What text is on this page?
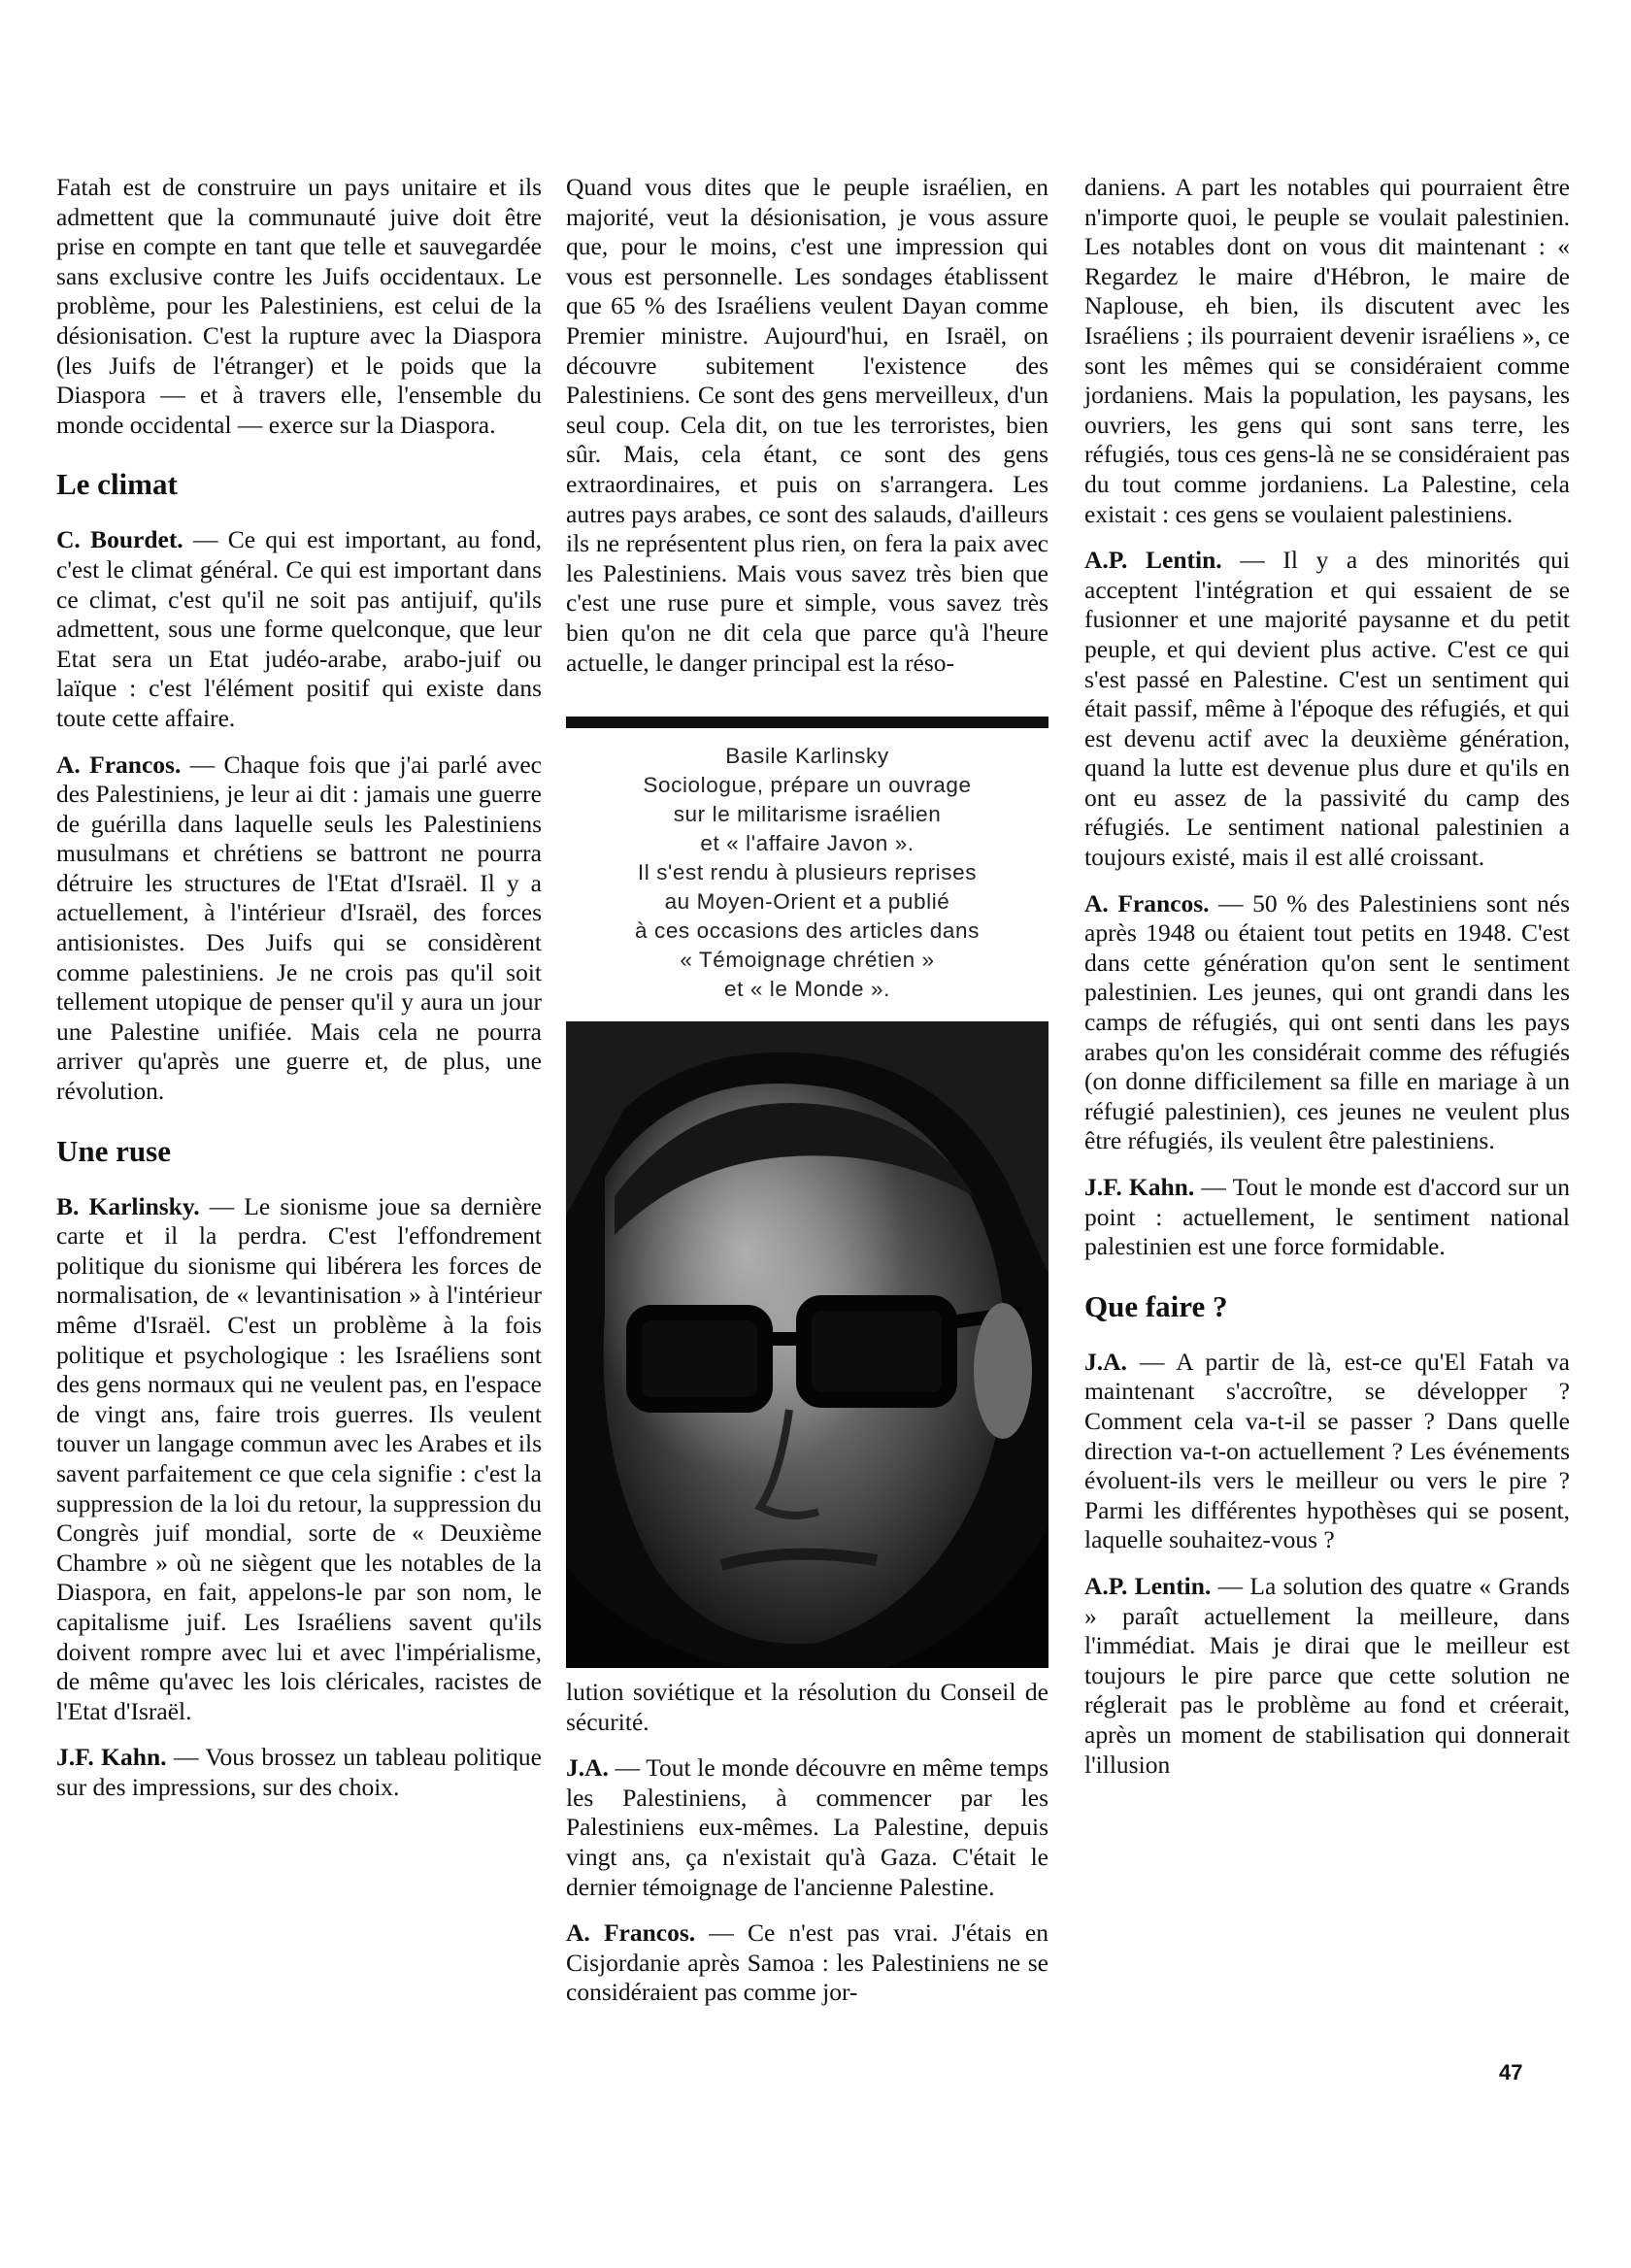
Fatah est de construire un pays unitaire et ils admettent que la communauté juive doit être prise en compte en tant que telle et sauvegardée sans exclusive contre les Juifs occidentaux. Le problème, pour les Palestiniens, est celui de la désionisation. C'est la rupture avec la Diaspora (les Juifs de l'étranger) et le poids que la Diaspora — et à travers elle, l'ensemble du monde occidental — exerce sur la Diaspora.

Le climat

C. Bourdet. — Ce qui est important, au fond, c'est le climat général. Ce qui est important dans ce climat, c'est qu'il ne soit pas antijuif, qu'ils admettent, sous une forme quelconque, que leur Etat sera un Etat judéo-arabe, arabo-juif ou laïque : c'est l'élément positif qui existe dans toute cette affaire.

A. Francos. — Chaque fois que j'ai parlé avec des Palestiniens, je leur ai dit : jamais une guerre de guérilla dans laquelle seuls les Palestiniens musulmans et chrétiens se battront ne pourra détruire les structures de l'Etat d'Israël. Il y a actuellement, à l'intérieur d'Israël, des forces antisionistes. Des Juifs qui se considèrent comme palestiniens. Je ne crois pas qu'il soit tellement utopique de penser qu'il y aura un jour une Palestine unifiée. Mais cela ne pourra arriver qu'après une guerre et, de plus, une révolution.

Une ruse

B. Karlinsky. — Le sionisme joue sa dernière carte et il la perdra. C'est l'effondrement politique du sionisme qui libérera les forces de normalisation, de « levantinisation » à l'intérieur même d'Israël. C'est un problème à la fois politique et psychologique : les Israéliens sont des gens normaux qui ne veulent pas, en l'espace de vingt ans, faire trois guerres. Ils veulent touver un langage commun avec les Arabes et ils savent parfaitement ce que cela signifie : c'est la suppression de la loi du retour, la suppression du Congrès juif mondial, sorte de « Deuxième Chambre » où ne siègent que les notables de la Diaspora, en fait, appelons-le par son nom, le capitalisme juif. Les Israéliens savent qu'ils doivent rompre avec lui et avec l'impérialisme, de même qu'avec les lois cléricales, racistes de l'Etat d'Israël.

J.F. Kahn. — Vous brossez un tableau politique sur des impressions, sur des choix.

Quand vous dites que le peuple israélien, en majorité, veut la désionisation, je vous assure que, pour le moins, c'est une impression qui vous est personnelle. Les sondages établissent que 65 % des Israéliens veulent Dayan comme Premier ministre. Aujourd'hui, en Israël, on découvre subitement l'existence des Palestiniens. Ce sont des gens merveilleux, d'un seul coup. Cela dit, on tue les terroristes, bien sûr. Mais, cela étant, ce sont des gens extraordinaires, et puis on s'arrangera. Les autres pays arabes, ce sont des salauds, d'ailleurs ils ne représentent plus rien, on fera la paix avec les Palestiniens. Mais vous savez très bien que c'est une ruse pure et simple, vous savez très bien qu'on ne dit cela que parce qu'à l'heure actuelle, le danger principal est la réso-

Basile Karlinsky
Sociologue, prépare un ouvrage
sur le militarisme israélien
et « l'affaire Javon ».
Il s'est rendu à plusieurs reprises
au Moyen-Orient et a publié
à ces occasions des articles dans
« Témoignage chrétien »
et « le Monde ».

lution soviétique et la résolution du Conseil de sécurité.

J.A. — Tout le monde découvre en même temps les Palestiniens, à commencer par les Palestiniens eux-mêmes. La Palestine, depuis vingt ans, ça n'existait qu'à Gaza. C'était le dernier témoignage de l'ancienne Palestine.

A. Francos. — Ce n'est pas vrai. J'étais en Cisjordanie après Samoa : les Palestiniens ne se considéraient pas comme jor-

daniens. A part les notables qui pourraient être n'importe quoi, le peuple se voulait palestinien. Les notables dont on vous dit maintenant : « Regardez le maire d'Hébron, le maire de Naplouse, eh bien, ils discutent avec les Israéliens ; ils pourraient devenir israéliens », ce sont les mêmes qui se considéraient comme jordaniens. Mais la population, les paysans, les ouvriers, les gens qui sont sans terre, les réfugiés, tous ces gens-là ne se considéraient pas du tout comme jordaniens. La Palestine, cela existait : ces gens se voulaient palestiniens.

A.P. Lentin. — Il y a des minorités qui acceptent l'intégration et qui essaient de se fusionner et une majorité paysanne et du petit peuple, et qui devient plus active. C'est ce qui s'est passé en Palestine. C'est un sentiment qui était passif, même à l'époque des réfugiés, et qui est devenu actif avec la deuxième génération, quand la lutte est devenue plus dure et qu'ils en ont eu assez de la passivité du camp des réfugiés. Le sentiment national palestinien a toujours existé, mais il est allé croissant.

A. Francos. — 50 % des Palestiniens sont nés après 1948 ou étaient tout petits en 1948. C'est dans cette génération qu'on sent le sentiment palestinien. Les jeunes, qui ont grandi dans les camps de réfugiés, qui ont senti dans les pays arabes qu'on les considérait comme des réfugiés (on donne difficilement sa fille en mariage à un réfugié palestinien), ces jeunes ne veulent plus être réfugiés, ils veulent être palestiniens.

J.F. Kahn. — Tout le monde est d'accord sur un point : actuellement, le sentiment national palestinien est une force formidable.

Que faire ?

J.A. — A partir de là, est-ce qu'El Fatah va maintenant s'accroître, se développer ? Comment cela va-t-il se passer ? Dans quelle direction va-t-on actuellement ? Les événements évoluent-ils vers le meilleur ou vers le pire ? Parmi les différentes hypothèses qui se posent, laquelle souhaitez-vous ?

A.P. Lentin. — La solution des quatre « Grands » paraît actuellement la meilleure, dans l'immédiat. Mais je dirai que le meilleur est toujours le pire parce que cette solution ne réglerait pas le problème au fond et créerait, après un moment de stabilisation qui donnerait l'illusion

47
